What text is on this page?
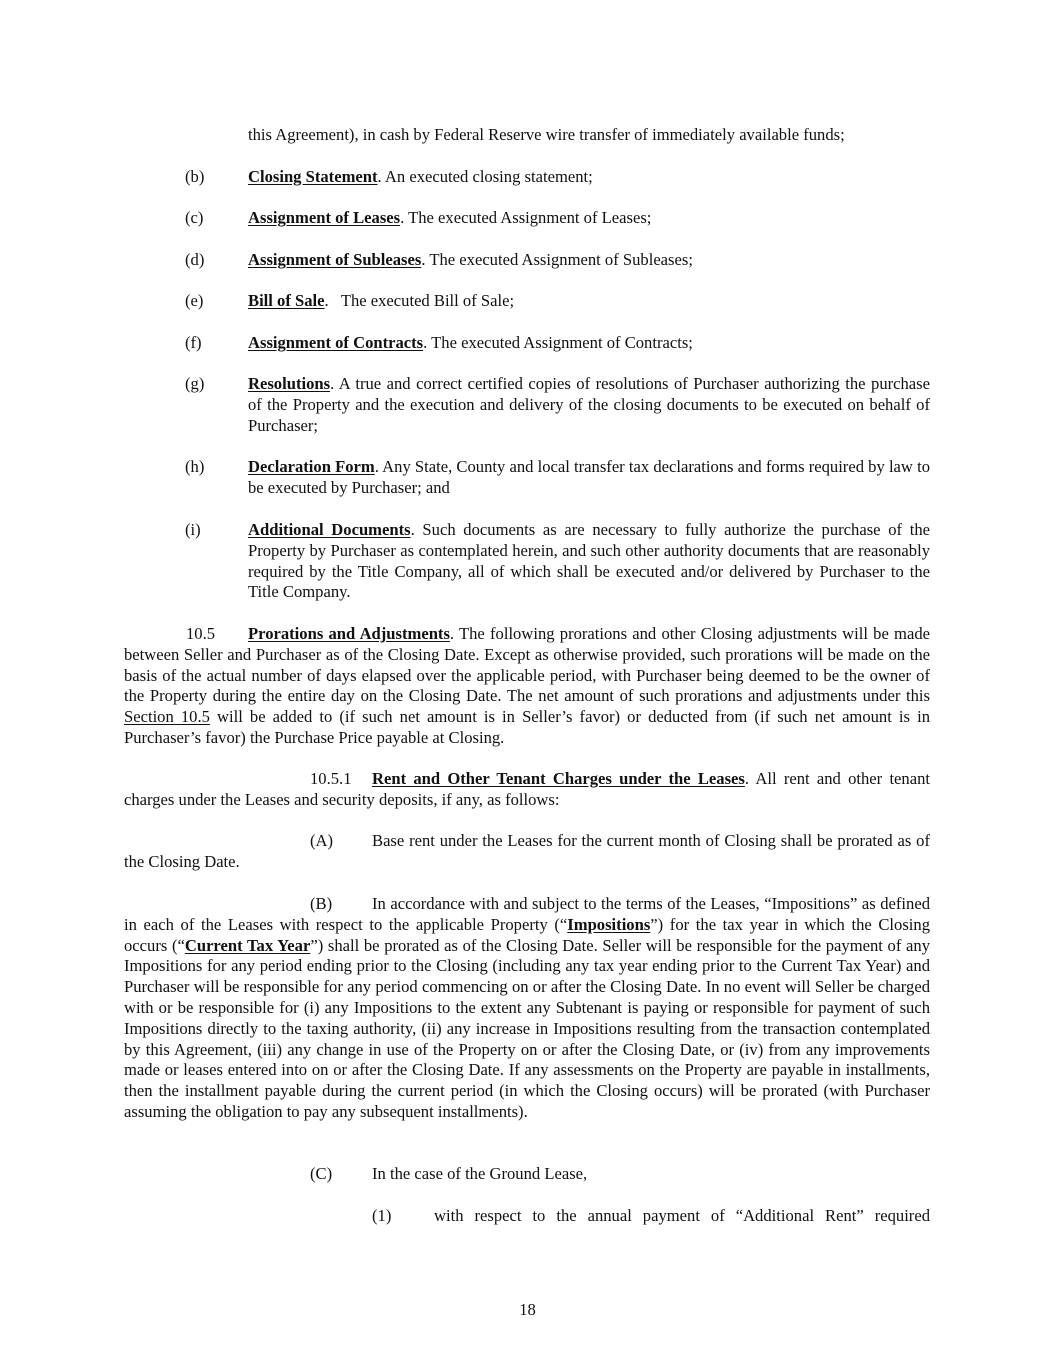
this Agreement), in cash by Federal Reserve wire transfer of immediately available funds;
(b)	Closing Statement. An executed closing statement;
(c)	Assignment of Leases. The executed Assignment of Leases;
(d)	Assignment of Subleases. The executed Assignment of Subleases;
(e)	Bill of Sale.   The executed Bill of Sale;
(f)	Assignment of Contracts. The executed Assignment of Contracts;
(g)	Resolutions. A true and correct certified copies of resolutions of Purchaser authorizing the purchase of the Property and the execution and delivery of the closing documents to be executed on behalf of Purchaser;
(h)	Declaration Form. Any State, County and local transfer tax declarations and forms required by law to be executed by Purchaser; and
(i)	Additional Documents. Such documents as are necessary to fully authorize the purchase of the Property by Purchaser as contemplated herein, and such other authority documents that are reasonably required by the Title Company, all of which shall be executed and/or delivered by Purchaser to the Title Company.
10.5 Prorations and Adjustments. The following prorations and other Closing adjustments will be made between Seller and Purchaser as of the Closing Date. Except as otherwise provided, such prorations will be made on the basis of the actual number of days elapsed over the applicable period, with Purchaser being deemed to be the owner of the Property during the entire day on the Closing Date. The net amount of such prorations and adjustments under this Section 10.5 will be added to (if such net amount is in Seller’s favor) or deducted from (if such net amount is in Purchaser’s favor) the Purchase Price payable at Closing.
10.5.1 Rent and Other Tenant Charges under the Leases. All rent and other tenant charges under the Leases and security deposits, if any, as follows:
(A) Base rent under the Leases for the current month of Closing shall be prorated as of the Closing Date.
(B) In accordance with and subject to the terms of the Leases, “Impositions” as defined in each of the Leases with respect to the applicable Property (“Impositions”) for the tax year in which the Closing occurs (“Current Tax Year”) shall be prorated as of the Closing Date. Seller will be responsible for the payment of any Impositions for any period ending prior to the Closing (including any tax year ending prior to the Current Tax Year) and Purchaser will be responsible for any period commencing on or after the Closing Date. In no event will Seller be charged with or be responsible for (i) any Impositions to the extent any Subtenant is paying or responsible for payment of such Impositions directly to the taxing authority, (ii) any increase in Impositions resulting from the transaction contemplated by this Agreement, (iii) any change in use of the Property on or after the Closing Date, or (iv) from any improvements made or leases entered into on or after the Closing Date. If any assessments on the Property are payable in installments, then the installment payable during the current period (in which the Closing occurs) will be prorated (with Purchaser assuming the obligation to pay any subsequent installments).
(C) In the case of the Ground Lease,
(1)	with respect to the annual payment of “Additional Rent” required
18
